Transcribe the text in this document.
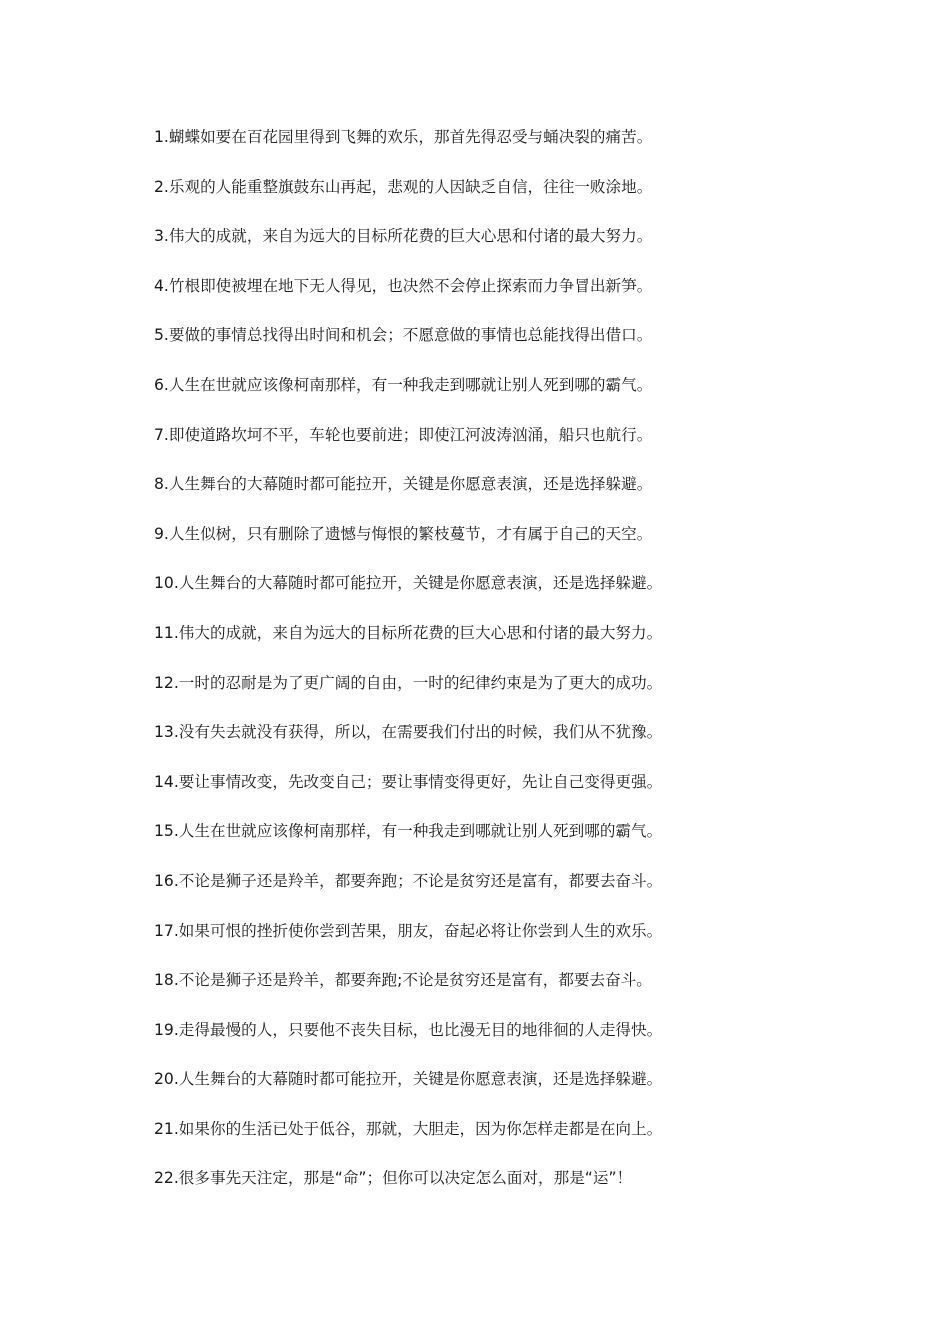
1.蝴蝶如要在百花园里得到飞舞的欢乐，那首先得忍受与蛹决裂的痛苦。
2.乐观的人能重整旗鼓东山再起，悲观的人因缺乏自信，往往一败涂地。
3.伟大的成就，来自为远大的目标所花费的巨大心思和付诸的最大努力。
4.竹根即使被埋在地下无人得见，也决然不会停止探索而力争冒出新笋。
5.要做的事情总找得出时间和机会；不愿意做的事情也总能找得出借口。
6.人生在世就应该像柯南那样，有一种我走到哪就让别人死到哪的霸气。
7.即使道路坎坷不平，车轮也要前进；即使江河波涛汹涌，船只也航行。
8.人生舞台的大幕随时都可能拉开，关键是你愿意表演，还是选择躲避。
9.人生似树，只有删除了遗憾与悔恨的繁枝蔓节，才有属于自己的天空。
10.人生舞台的大幕随时都可能拉开，关键是你愿意表演，还是选择躲避。
11.伟大的成就，来自为远大的目标所花费的巨大心思和付诸的最大努力。
12.一时的忍耐是为了更广阔的自由，一时的纪律约束是为了更大的成功。
13.没有失去就没有获得，所以，在需要我们付出的时候，我们从不犹豫。
14.要让事情改变，先改变自己；要让事情变得更好，先让自己变得更强。
15.人生在世就应该像柯南那样，有一种我走到哪就让别人死到哪的霸气。
16.不论是狮子还是羚羊，都要奔跑；不论是贫穷还是富有，都要去奋斗。
17.如果可恨的挫折使你尝到苦果，朋友，奋起必将让你尝到人生的欢乐。
18.不论是狮子还是羚羊，都要奔跑;不论是贫穷还是富有，都要去奋斗。
19.走得最慢的人，只要他不丧失目标，也比漫无目的地徘徊的人走得快。
20.人生舞台的大幕随时都可能拉开，关键是你愿意表演，还是选择躲避。
21.如果你的生活已处于低谷，那就，大胆走，因为你怎样走都是在向上。
22.很多事先天注定，那是“命”；但你可以决定怎么面对，那是“运”！
